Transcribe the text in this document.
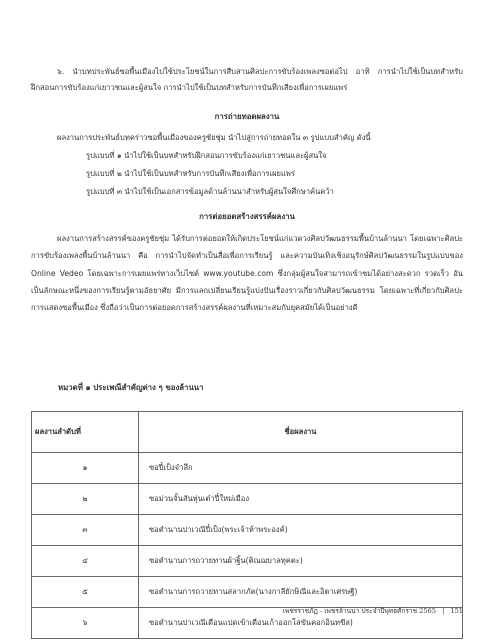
๖. นำบทประพันธ์ซอพื้นเมืองไปใช้ประโยชน์ในการสืบสานศิลปะการขับร้องเพลงซอต่อไป อาทิ การนำไปใช้เป็นบทสำหรับฝึกสอนการขับร้องแก่เยาวชนและผู้สนใจ การนำไปใช้เป็นบทสำหรับการบันทึกเสียงเพื่อการเผยแพร่

การถ่ายทอดผลงาน
ผลงานการประพันธ์บทคร่าวซอพื้นเมืองของครูชัยชุ่ม นำไปสู่การถ่ายทอดใน ๓ รูปแบบสำคัญ ดังนี้
รูปแบบที่ ๑ นำไปใช้เป็นบทสำหรับฝึกสอนการขับร้องแก่เยาวชนและผู้สนใจ
รูปแบบที่ ๒ นำไปใช้เป็นบทสำหรับการบันทึกเสียงเพื่อการเผยแพร่
รูปแบบที่ ๓ นำไปใช้เป็นเอกสารข้อมูลด้านล้านนาสำหรับผู้สนใจศึกษาค้นคว้า
การต่อยอดสร้างสรรค์ผลงาน

ผลงานการสร้างสรรค์ของครูชัยชุ่ม ได้รับการต่อยอดให้เกิดประโยชน์แก่แวดวงศิลปวัฒนธรรมพื้นบ้านล้านนา โดยเฉพาะศิลปะการขับร้องเพลงพื้นบ้านล้านนา คือ การนำไปจัดทำเป็นสื่อเพื่อการเรียนรู้ และความบันเทิงเชิงอนุรักษ์ศิลปวัฒนธรรมในรูปแบบของ Online Vedeo โดยเฉพาะการเผยแพร่ทางเว็บไซต์ www.youtube.com ซึ่งกลุ่มผู้สนใจสามารถเข้าชมได้อย่างสะดวก รวดเร็ว อันเป็นลักษณะหนึ่งของการเรียนรู้ตามอัธยาศัย มีการแลกเปลี่ยนเรียนรู้แบ่งปันเรื่องราวเกี่ยวกับศิลปวัฒนธรรม โดยเฉพาะที่เกี่ยวกับศิลปะการแสดงซอพื้นเมือง ซึ่งถือว่าเป็นการต่อยอดการสร้างสรรค์ผลงานที่เหมาะสมกับยุคสมัยได้เป็นอย่างดี

หมวดที่ ๑ ประเพณีสำคัญต่าง ๆ ของล้านนา
ผลงานลำดับที่	ชื่อผลงาน
๑	ซอปี๋เป็งจ๋าลึก
๒	ซอม่วนจั้นสันหุ่นเต๋าปี๋ใหม่เมือง
๓	ซอตำนานปาเวณีปี๋เป็ง(พระเจ้าห้าพระองค์)
๔	ซอตำนานการถวายทานผ้าฐิ้น(ติณฌบาลทุคตะ)
๕	ซอตำนานการถวายทานสลากภัต(นางกาลียักษิณีและอิตาเศรษฐี)
๖	ซอตำนานปาเวณีเดือนแปดเข้าเดือนเก้าออกโสขันคอกอินทขีล)
เพชรราชภัฏ - เพชรล้านนา ประจำปีพุทธศักราช 2565 | 151
